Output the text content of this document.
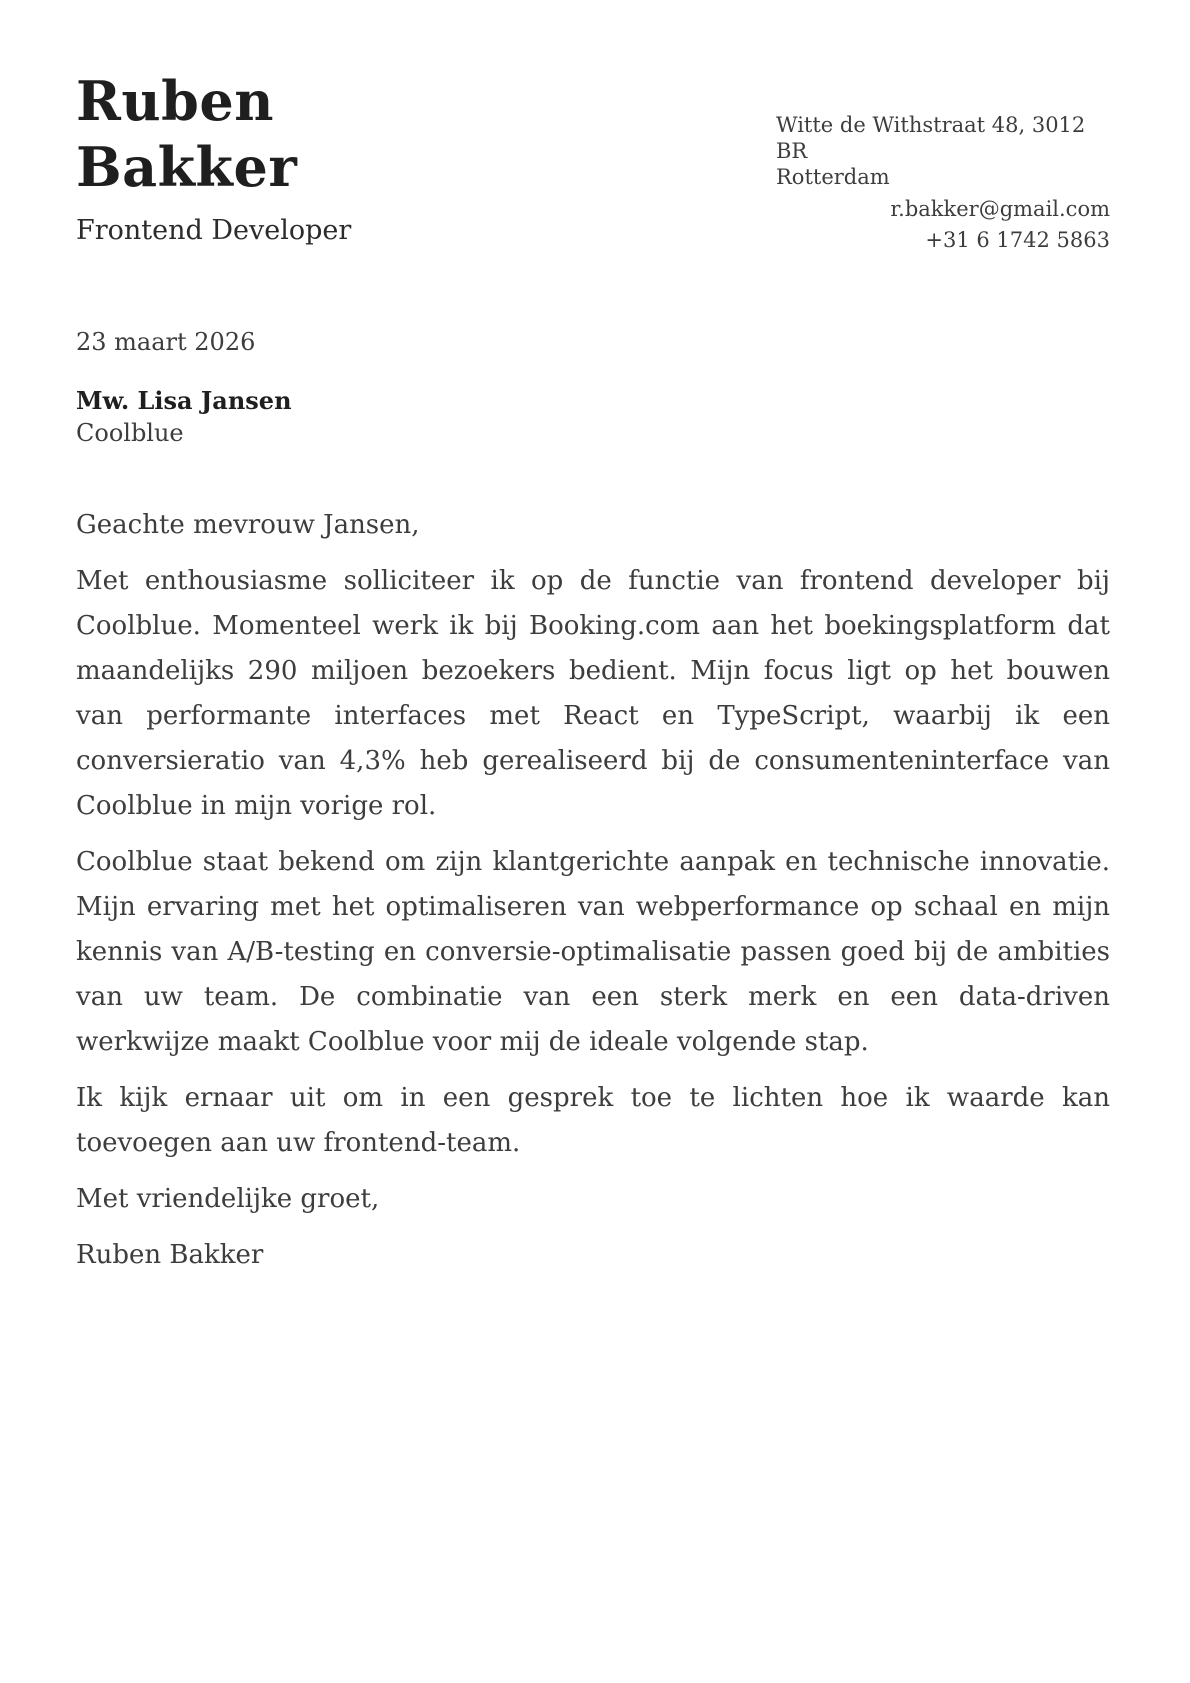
Ruben
Bakker
Frontend Developer
Witte de Withstraat 48, 3012 BR
Rotterdam
r.bakker@gmail.com
+31 6 1742 5863
23 maart 2026
Mw. Lisa Jansen
Coolblue

Geachte mevrouw Jansen,

Met enthousiasme solliciteer ik op de functie van frontend developer bij Coolblue. Momenteel werk ik bij Booking.com aan het boekingsplatform dat maandelijks 290 miljoen bezoekers bedient. Mijn focus ligt op het bouwen van performante interfaces met React en TypeScript, waarbij ik een conversieratio van 4,3% heb gerealiseerd bij de consumenteninterface van Coolblue in mijn vorige rol.

Coolblue staat bekend om zijn klantgerichte aanpak en technische innovatie. Mijn ervaring met het optimaliseren van webperformance op schaal en mijn kennis van A/B-testing en conversie-optimalisatie passen goed bij de ambities van uw team. De combinatie van een sterk merk en een data-driven werkwijze maakt Coolblue voor mij de ideale volgende stap.

Ik kijk ernaar uit om in een gesprek toe te lichten hoe ik waarde kan toevoegen aan uw frontend-team.

Met vriendelijke groet,

Ruben Bakker
